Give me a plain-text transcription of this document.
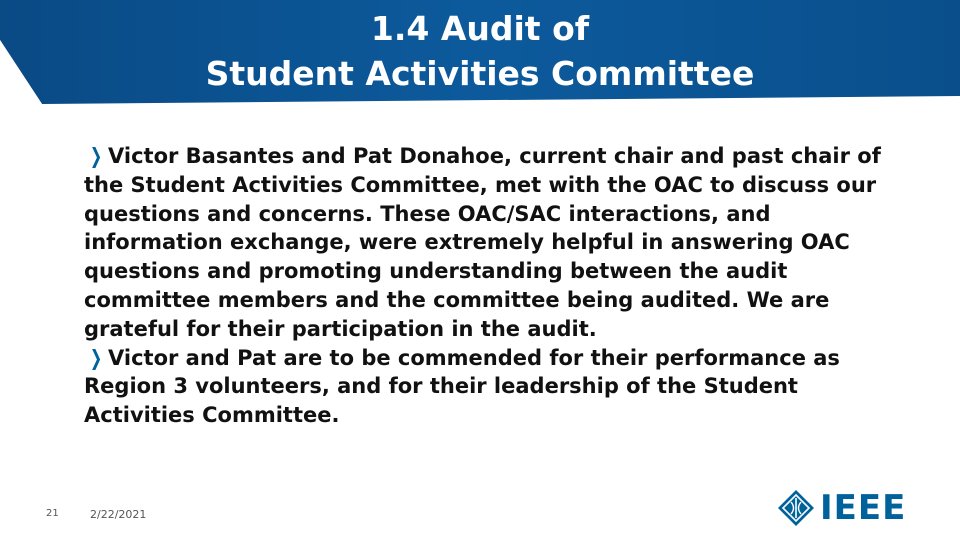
1.4 Audit of
Student Activities Committee

❯ Victor Basantes and Pat Donahoe, current chair and past chair of the Student Activities Committee, met with the OAC to discuss our questions and concerns. These OAC/SAC interactions, and information exchange, were extremely helpful in answering OAC questions and promoting understanding between the audit committee members and the committee being audited. We are grateful for their participation in the audit.

❯ Victor and Pat are to be commended for their performance as Region 3 volunteers, and for their leadership of the Student Activities Committee.

21	2/22/2021	IEEE
